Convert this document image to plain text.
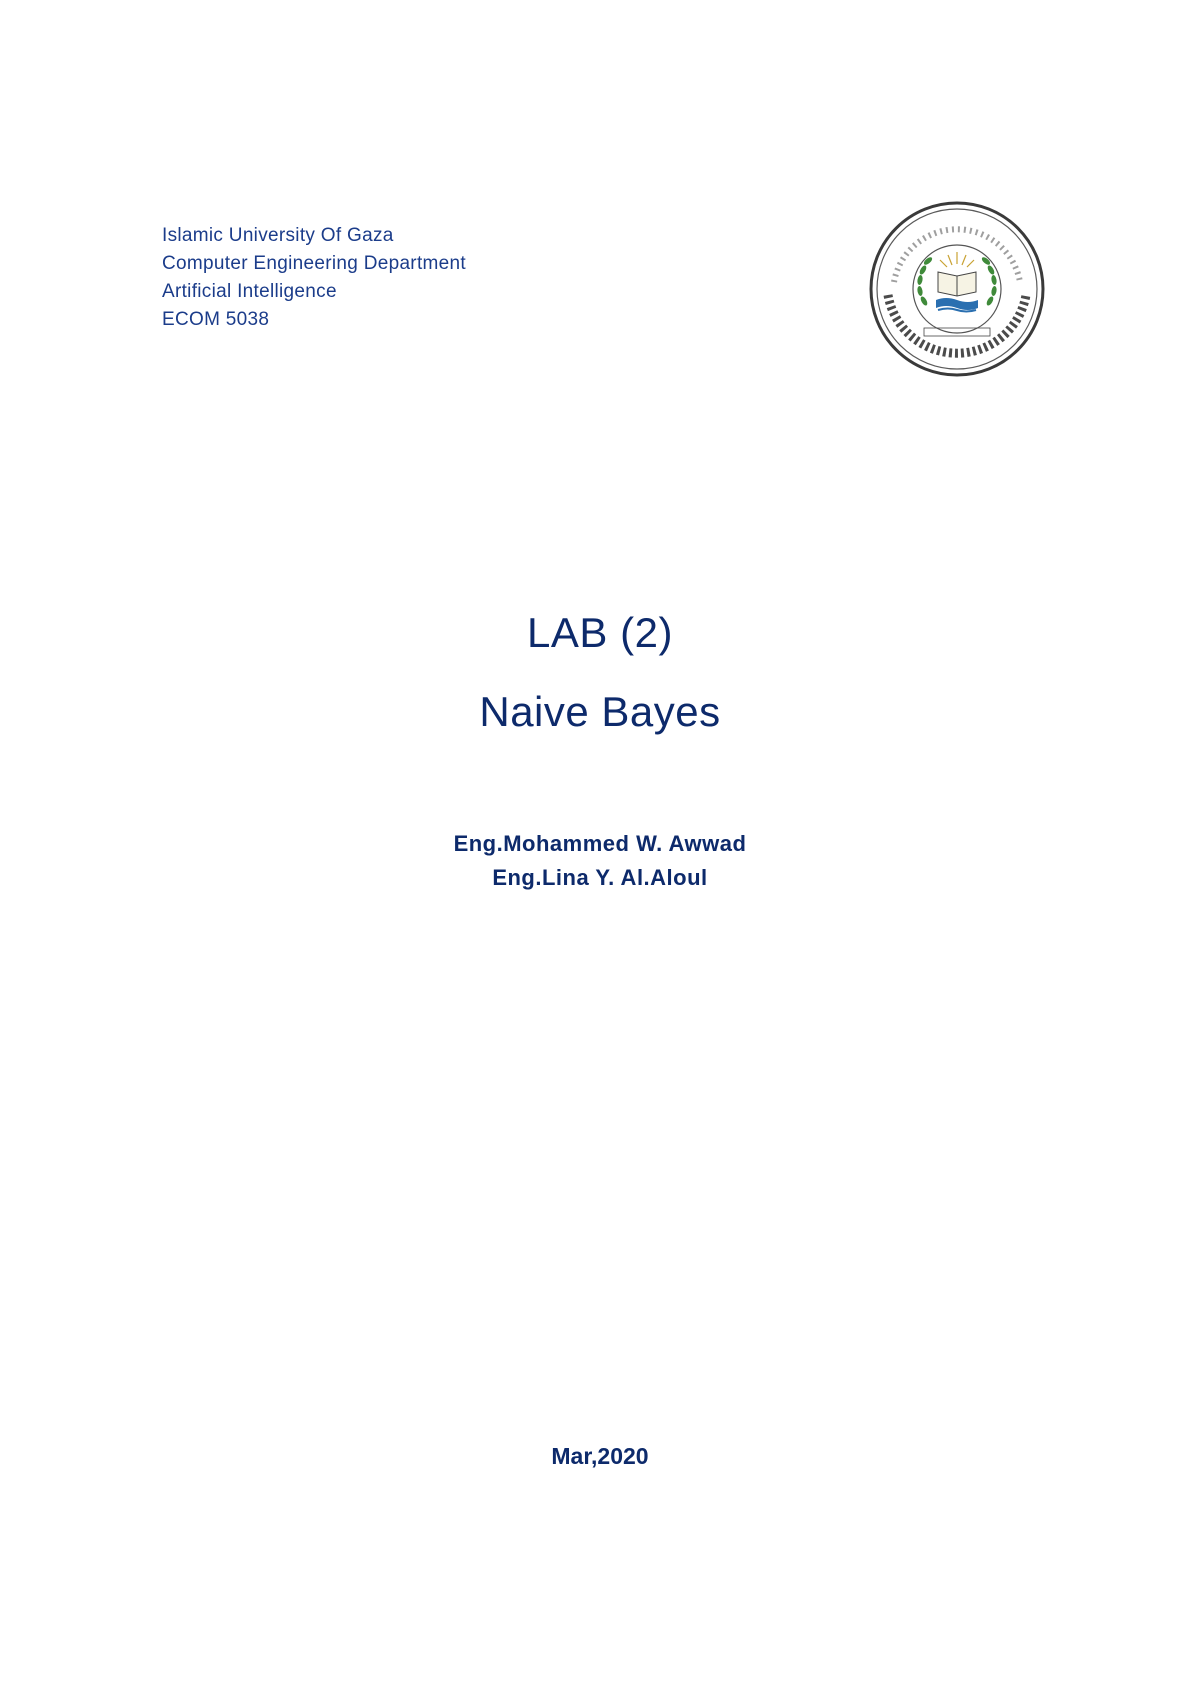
Islamic University Of Gaza
Computer Engineering Department
Artificial Intelligence
ECOM 5038
LAB (2)
Naive Bayes
Eng.Mohammed W. Awwad
Eng.Lina Y. Al.Aloul
Mar,2020
